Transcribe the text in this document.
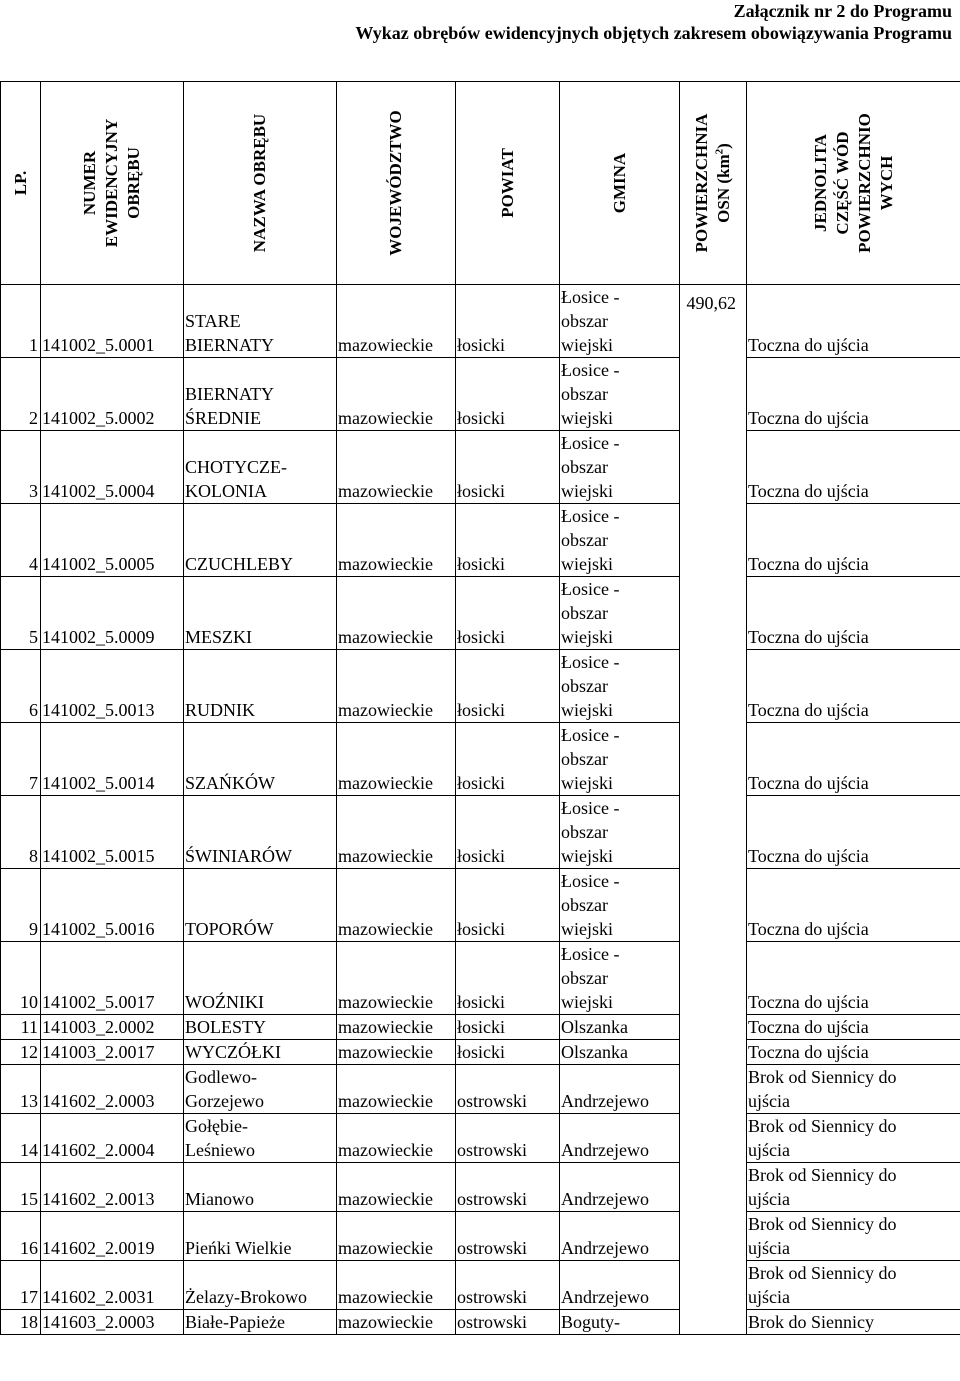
Załącznik nr 2 do Programu
Wykaz obrębów ewidencyjnych objętych zakresem obowiązywania Programu
LP.	NUMER
EWIDENCYJNY
OBRĘBU	NAZWA OBRĘBU	WOJEWÓDZTWO	POWIAT	GMINA	POWIERZCHNIA
OSN $(km^2)$	JEDNOLITA
CZĘŚĆ WÓD
POWIERZCHNIO
WYCH

1	141002_5.0001	STARE
BIERNATY	mazowieckie	łosicki	Łosice -
obszar
wiejski	490,62	Toczna do ujścia
2	141002_5.0002	BIERNATY
ŚREDNIE	mazowieckie	łosicki	Łosice -
obszar
wiejski		Toczna do ujścia
3	141002_5.0004	CHOTYCZE-
KOLONIA	mazowieckie	łosicki	Łosice -
obszar
wiejski		Toczna do ujścia
4	141002_5.0005	CZUCHLEBY	mazowieckie	łosicki	Łosice -
obszar
wiejski		Toczna do ujścia
5	141002_5.0009	MESZKI	mazowieckie	łosicki	Łosice -
obszar
wiejski		Toczna do ujścia
6	141002_5.0013	RUDNIK	mazowieckie	łosicki	Łosice -
obszar
wiejski		Toczna do ujścia
7	141002_5.0014	SZAŃKÓW	mazowieckie	łosicki	Łosice -
obszar
wiejski		Toczna do ujścia
8	141002_5.0015	ŚWINIARÓW	mazowieckie	łosicki	Łosice -
obszar
wiejski		Toczna do ujścia
9	141002_5.0016	TOPORÓW	mazowieckie	łosicki	Łosice -
obszar
wiejski		Toczna do ujścia
10	141002_5.0017	WOŹNIKI	mazowieckie	łosicki	Łosice -
obszar
wiejski		Toczna do ujścia
11	141003_2.0002	BOLESTY	mazowieckie	łosicki	Olszanka		Toczna do ujścia
12	141003_2.0017	WYCZÓŁKI	mazowieckie	łosicki	Olszanka		Toczna do ujścia
13	141602_2.0003	Godlewo-
Gorzejewo	mazowieckie	ostrowski	Andrzejewo		Brok od Siennicy do
ujścia
14	141602_2.0004	Gołębie-
Leśniewo	mazowieckie	ostrowski	Andrzejewo		Brok od Siennicy do
ujścia
15	141602_2.0013	Mianowo	mazowieckie	ostrowski	Andrzejewo		Brok od Siennicy do
ujścia
16	141602_2.0019	Pieńki Wielkie	mazowieckie	ostrowski	Andrzejewo		Brok od Siennicy do
ujścia
17	141602_2.0031	Żelazy-Brokowo	mazowieckie	ostrowski	Andrzejewo		Brok od Siennicy do
ujścia
18	141603_2.0003	Białe-Papieże	mazowieckie	ostrowski	Boguty-		Brok do Siennicy
